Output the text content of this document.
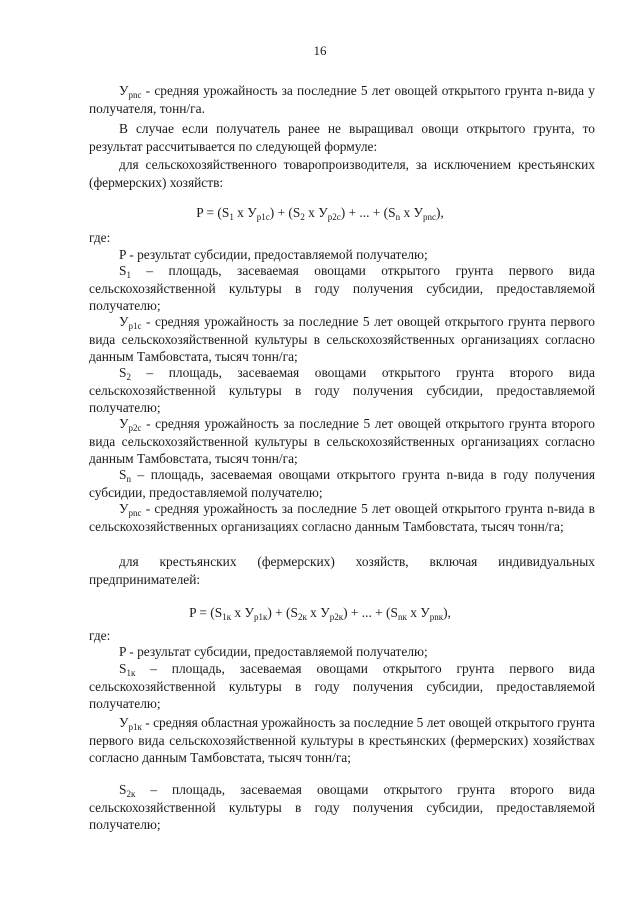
16

$У_{pnc}$ - средняя урожайность за последние 5 лет овощей открытого грунта n-вида у получателя, тонн/га.

В случае если получатель ранее не выращивал овощи открытого грунта, то результат рассчитывается по следующей формуле:

для сельскохозяйственного товаропроизводителя, за исключением крестьянских (фермерских) хозяйств:

$P = (S_1$ x $У_{p1c}) + (S_2$ x $У_{p2c}$) + ... + ($S_n$ x $У_{pnc}$),

где:

P - результат субсидии, предоставляемой получателю;

$S_1$ – площадь, засеваемая овощами открытого грунта первого вида сельскохозяйственной культуры в году получения субсидии, предоставляемой получателю;

$У_{p1c}$ - средняя урожайность за последние 5 лет овощей открытого грунта первого вида сельскохозяйственной культуры в сельскохозяйственных организациях согласно данным Тамбовстата, тысяч тонн/га;

$S_2$ – площадь, засеваемая овощами открытого грунта второго вида сельскохозяйственной культуры в году получения субсидии, предоставляемой получателю;

$У_{p2c}$ - средняя урожайность за последние 5 лет овощей открытого грунта второго вида сельскохозяйственной культуры в сельскохозяйственных организациях согласно данным Тамбовстата, тысяч тонн/га;

$S_n$ – площадь, засеваемая овощами открытого грунта n-вида в году получения субсидии, предоставляемой получателю;

$У_{pnc}$ - средняя урожайность за последние 5 лет овощей открытого грунта n-вида в сельскохозяйственных организациях согласно данным Тамбовстата, тысяч тонн/га;

для крестьянских (фермерских) хозяйств, включая индивидуальных предпринимателей:

$P = (S_{1к}$ x $У_{p1к}) + (S_{2к}$ x $У_{p2к}$) + ... + ($S_{nк}$ x $У_{pnк}$),

где:

P - результат субсидии, предоставляемой получателю;

$S_{1к}$ – площадь, засеваемая овощами открытого грунта первого вида сельскохозяйственной культуры в году получения субсидии, предоставляемой получателю;

$У_{p1к}$ - средняя областная урожайность за последние 5 лет овощей открытого грунта первого вида сельскохозяйственной культуры в крестьянских (фермерских) хозяйствах согласно данным Тамбовстата, тысяч тонн/га;

$S_{2к}$ – площадь, засеваемая овощами открытого грунта второго вида сельскохозяйственной культуры в году получения субсидии, предоставляемой получателю;
